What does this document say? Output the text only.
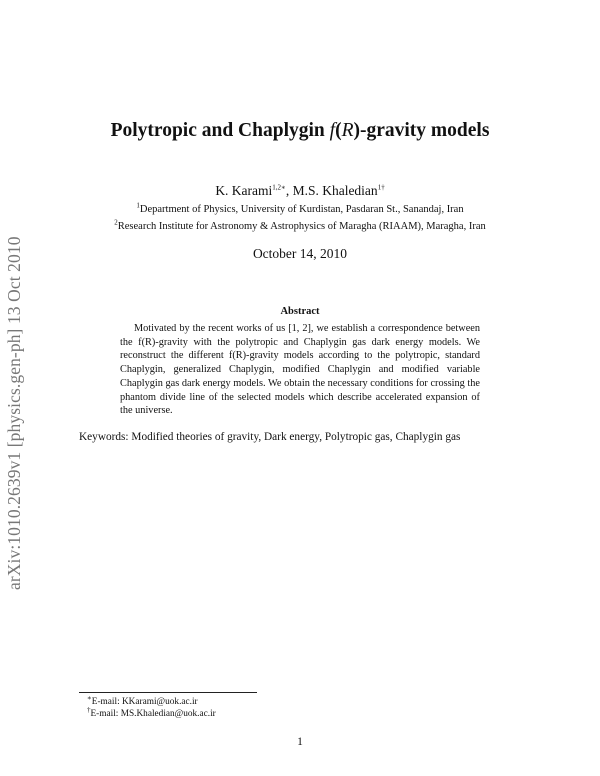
arXiv:1010.2639v1 [physics.gen-ph] 13 Oct 2010
Polytropic and Chaplygin f(R)-gravity models
K. Karami$^{1,2∗}$, M.S. Khaledian$^{1\dagger}$
$^1$Department of Physics, University of Kurdistan, Pasdaran St., Sanandaj, Iran
$^2$Research Institute for Astronomy & Astrophysics of Maragha (RIAAM), Maragha, Iran
October 14, 2010
Abstract
Motivated by the recent works of us [1, 2], we establish a correspondence between the f(R)-gravity with the polytropic and Chaplygin gas dark energy models. We reconstruct the different f(R)-gravity models according to the polytropic, standard Chaplygin, generalized Chaplygin, modified Chaplygin and modified variable Chaplygin gas dark energy models. We obtain the necessary conditions for crossing the phantom divide line of the selected models which describe accelerated expansion of the universe.
Keywords: Modified theories of gravity, Dark energy, Polytropic gas, Chaplygin gas
∗E-mail: KKarami@uok.ac.ir
†E-mail: MS.Khaledian@uok.ac.ir
1
